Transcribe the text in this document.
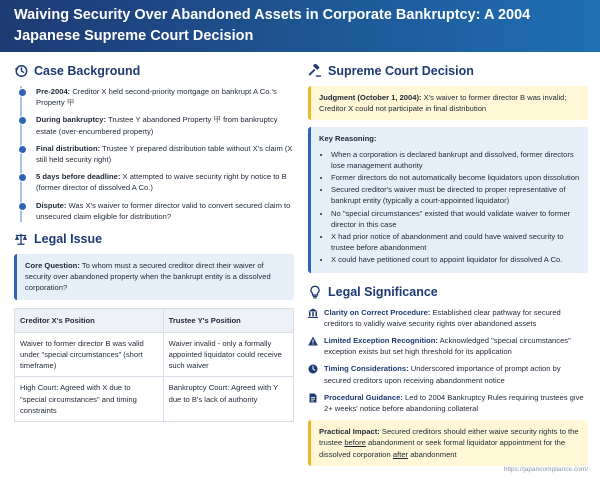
Waiving Security Over Abandoned Assets in Corporate Bankruptcy: A 2004 Japanese Supreme Court Decision
Case Background
Pre-2004: Creditor X held second-priority mortgage on bankrupt A Co.'s Property 甲
During bankruptcy: Trustee Y abandoned Property 甲 from bankruptcy estate (over-encumbered property)
Final distribution: Trustee Y prepared distribution table without X's claim (X still held security right)
5 days before deadline: X attempted to waive security right by notice to B (former director of dissolved A Co.)
Dispute: Was X's waiver to former director valid to convert secured claim to unsecured claim eligible for distribution?
Legal Issue
Core Question: To whom must a secured creditor direct their waiver of security over abandoned property when the bankrupt entity is a dissolved corporation?
Creditor X's Position	Trustee Y's Position
Waiver to former director B was valid under "special circumstances" (short timeframe)	Waiver invalid - only a formally appointed liquidator could receive such waiver
High Court: Agreed with X due to "special circumstances" and timing constraints	Bankruptcy Court: Agreed with Y due to B's lack of authority
Supreme Court Decision
Judgment (October 1, 2004): X's waiver to former director B was invalid; Creditor X could not participate in final distribution
Key Reasoning:
• When a corporation is declared bankrupt and dissolved, former directors lose management authority
• Former directors do not automatically become liquidators upon dissolution
• Secured creditor's waiver must be directed to proper representative of bankrupt entity (typically a court-appointed liquidator)
• No "special circumstances" existed that would validate waiver to former director in this case
• X had prior notice of abandonment and could have waived security to trustee before abandonment
• X could have petitioned court to appoint liquidator for dissolved A Co.
Legal Significance
Clarity on Correct Procedure: Established clear pathway for secured creditors to validly waive security rights over abandoned assets
Limited Exception Recognition: Acknowledged "special circumstances" exception exists but set high threshold for its application
Timing Considerations: Underscored importance of prompt action by secured creditors upon receiving abandonment notice
Procedural Guidance: Led to 2004 Bankruptcy Rules requiring trustees give 2+ weeks' notice before abandoning collateral
Practical Impact: Secured creditors should either waive security rights to the trustee before abandonment or seek formal liquidator appointment for the dissolved corporation after abandonment
https://japancompliance.com/
